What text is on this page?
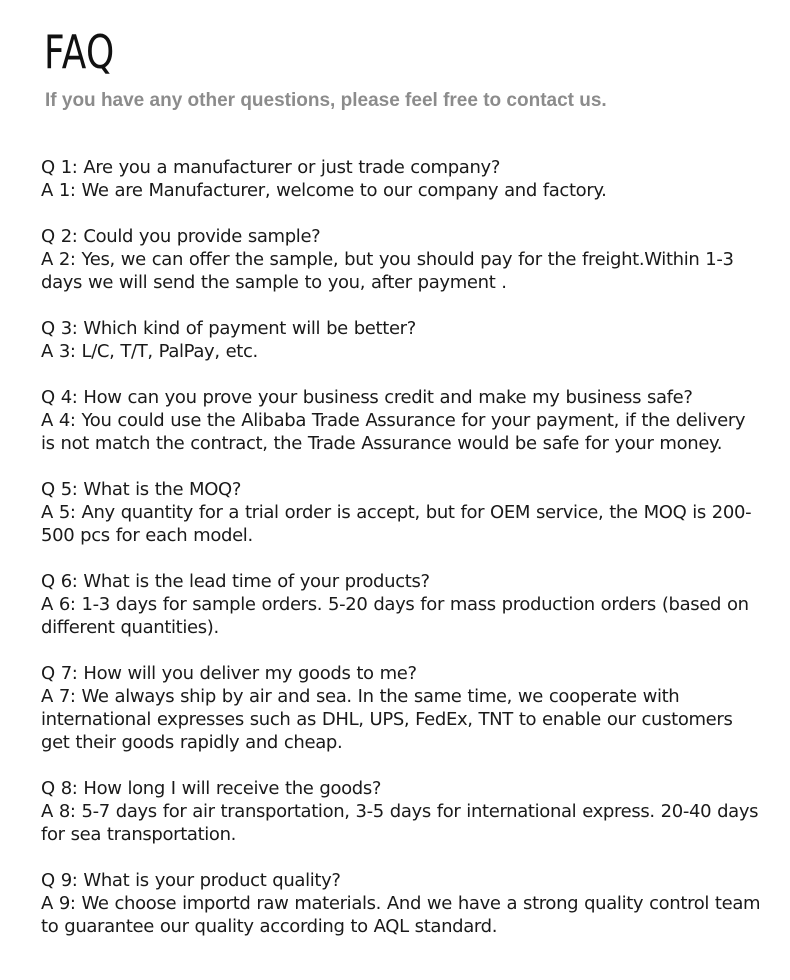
FAQ

If you have any other questions, please feel free to contact us.

Q 1: Are you a manufacturer or just trade company?

A 1: We are Manufacturer, welcome to our company and factory.

Q 2: Could you provide sample?

A 2: Yes, we can offer the sample, but you should pay for the freight.Within 1-3 days we will send the sample to you, after payment .

Q 3: Which kind of payment will be better?

A 3: L/C, T/T, PalPay, etc.

Q 4: How can you prove your business credit and make my business safe?

A 4: You could use the Alibaba Trade Assurance for your payment, if the delivery is not match the contract, the Trade Assurance would be safe for your money.

Q 5: What is the MOQ?

A 5: Any quantity for a trial order is accept, but for OEM service, the MOQ is 200-500 pcs for each model.

Q 6: What is the lead time of your products?

A 6: 1-3 days for sample orders. 5-20 days for mass production orders (based on different quantities).

Q 7: How will you deliver my goods to me?

A 7: We always ship by air and sea. In the same time, we cooperate with international expresses such as DHL, UPS, FedEx, TNT to enable our customers get their goods rapidly and cheap.

Q 8: How long I will receive the goods?

A 8: 5-7 days for air transportation, 3-5 days for international express. 20-40 days for sea transportation.

Q 9: What is your product quality?

A 9: We choose importd raw materials. And we have a strong quality control team to guarantee our quality according to AQL standard.
